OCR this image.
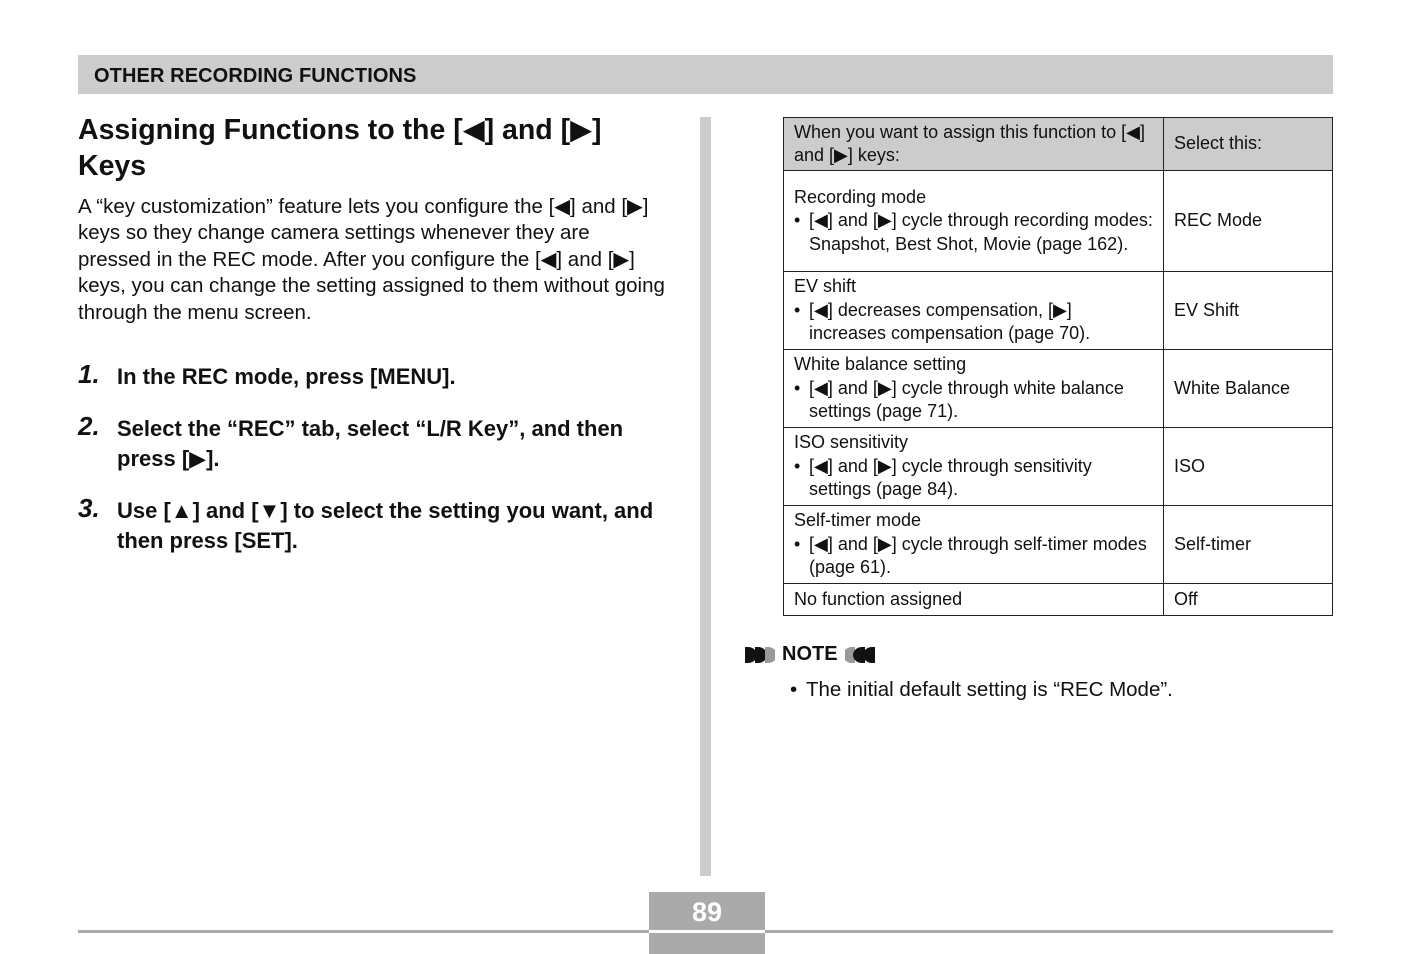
OTHER RECORDING FUNCTIONS
Assigning Functions to the [◀] and [▶]
Keys

A “key customization” feature lets you configure the [◀] and [▶] keys so they change camera settings whenever they are pressed in the REC mode. After you configure the [◀] and [▶] keys, you can change the setting assigned to them without going through the menu screen.

1. In the REC mode, press [MENU].
2. Select the “REC” tab, select “L/R Key”, and then press [▶].
3. Use [▲] and [▼] to select the setting you want, and then press [SET].
When you want to assign this function to [◀] and [▶] keys:	Select this:

Recording mode
• [◀] and [▶] cycle through recording modes: Snapshot, Best Shot, Movie (page 162).	REC Mode

EV shift
• [◀] decreases compensation, [▶] increases compensation (page 70).	EV Shift

White balance setting
• [◀] and [▶] cycle through white balance settings (page 71).	White Balance

ISO sensitivity
• [◀] and [▶] cycle through sensitivity settings (page 84).	ISO

Self-timer mode
• [◀] and [▶] cycle through self-timer modes (page 61).	Self-timer

No function assigned	Off
NOTE
• The initial default setting is “REC Mode”.
89
